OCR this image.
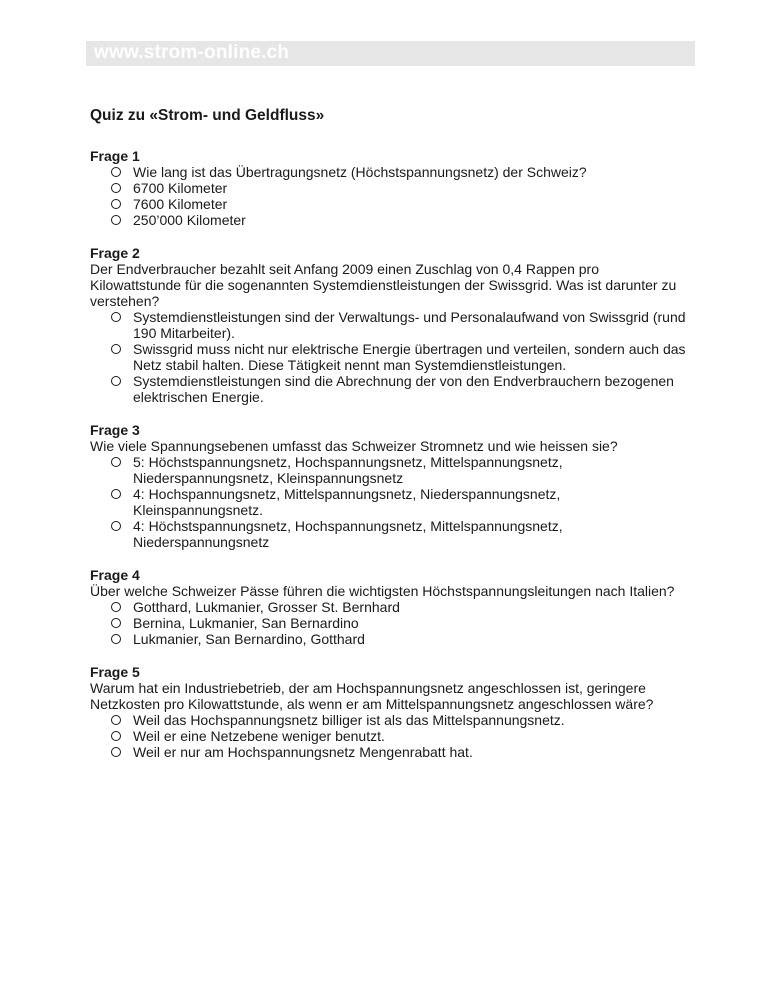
www.strom-online.ch
Quiz zu «Strom- und Geldfluss»

Frage 1

Wie lang ist das Übertragungsnetz (Höchstspannungsnetz) der Schweiz?
6700 Kilometer
7600 Kilometer
250’000 Kilometer

Frage 2

Der Endverbraucher bezahlt seit Anfang 2009 einen Zuschlag von 0,4 Rappen pro Kilowattstunde für die sogenannten Systemdienstleistungen der Swissgrid. Was ist darunter zu verstehen?

Systemdienstleistungen sind der Verwaltungs- und Personalaufwand von Swissgrid (rund 190 Mitarbeiter).
Swissgrid muss nicht nur elektrische Energie übertragen und verteilen, sondern auch das Netz stabil halten. Diese Tätigkeit nennt man Systemdienstleistungen.
Systemdienstleistungen sind die Abrechnung der von den Endverbrauchern bezogenen elektrischen Energie.

Frage 3

Wie viele Spannungsebenen umfasst das Schweizer Stromnetz und wie heissen sie?

5: Höchstspannungsnetz, Hochspannungsnetz, Mittelspannungsnetz, Niederspannungsnetz, Kleinspannungsnetz
4: Hochspannungsnetz, Mittelspannungsnetz, Niederspannungsnetz, Kleinspannungsnetz.
4: Höchstspannungsnetz, Hochspannungsnetz, Mittelspannungsnetz, Niederspannungsnetz

Frage 4

Über welche Schweizer Pässe führen die wichtigsten Höchstspannungsleitungen nach Italien?

Gotthard, Lukmanier, Grosser St. Bernhard
Bernina, Lukmanier, San Bernardino
Lukmanier, San Bernardino, Gotthard

Frage 5

Warum hat ein Industriebetrieb, der am Hochspannungsnetz angeschlossen ist, geringere Netzkosten pro Kilowattstunde, als wenn er am Mittelspannungsnetz angeschlossen wäre?

Weil das Hochspannungsnetz billiger ist als das Mittelspannungsnetz.
Weil er eine Netzebene weniger benutzt.
Weil er nur am Hochspannungsnetz Mengenrabatt hat.
